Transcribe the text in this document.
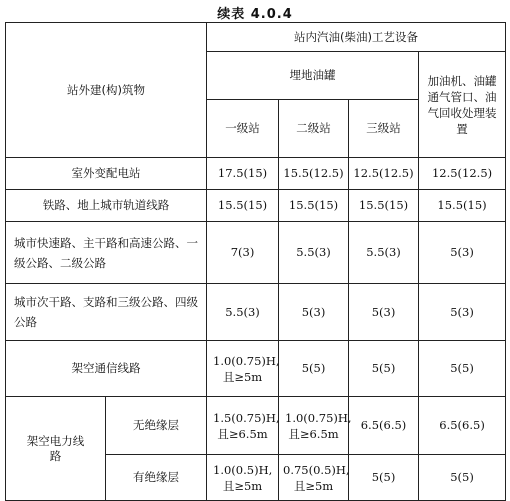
续表 4.0.4
站外建(构)筑物		站内汽油(柴油)工艺设备			
		埋地油罐			加油机、油罐通气管口、油气回收处理装置
		一级站	二级站	三级站	
室外变配电站		17.5(15)	15.5(12.5)	12.5(12.5)	12.5(12.5)
铁路、地上城市轨道线路		15.5(15)	15.5(15)	15.5(15)	15.5(15)
城市快速路、主干路和高速公路、一级公路、二级公路		7(3)	5.5(3)	5.5(3)	5(3)
城市次干路、支路和三级公路、四级公路		5.5(3)	5(3)	5(3)	5(3)
架空通信线路		1.0(0.75)H,且≥5m	5(5)	5(5)	5(5)
架空电力线路	无绝缘层	1.5(0.75)H,且≥6.5m	1.0(0.75)H,且≥6.5m	6.5(6.5)	6.5(6.5)
	有绝缘层	1.0(0.5)H,且≥5m	0.75(0.5)H,且≥5m	5(5)	5(5)
